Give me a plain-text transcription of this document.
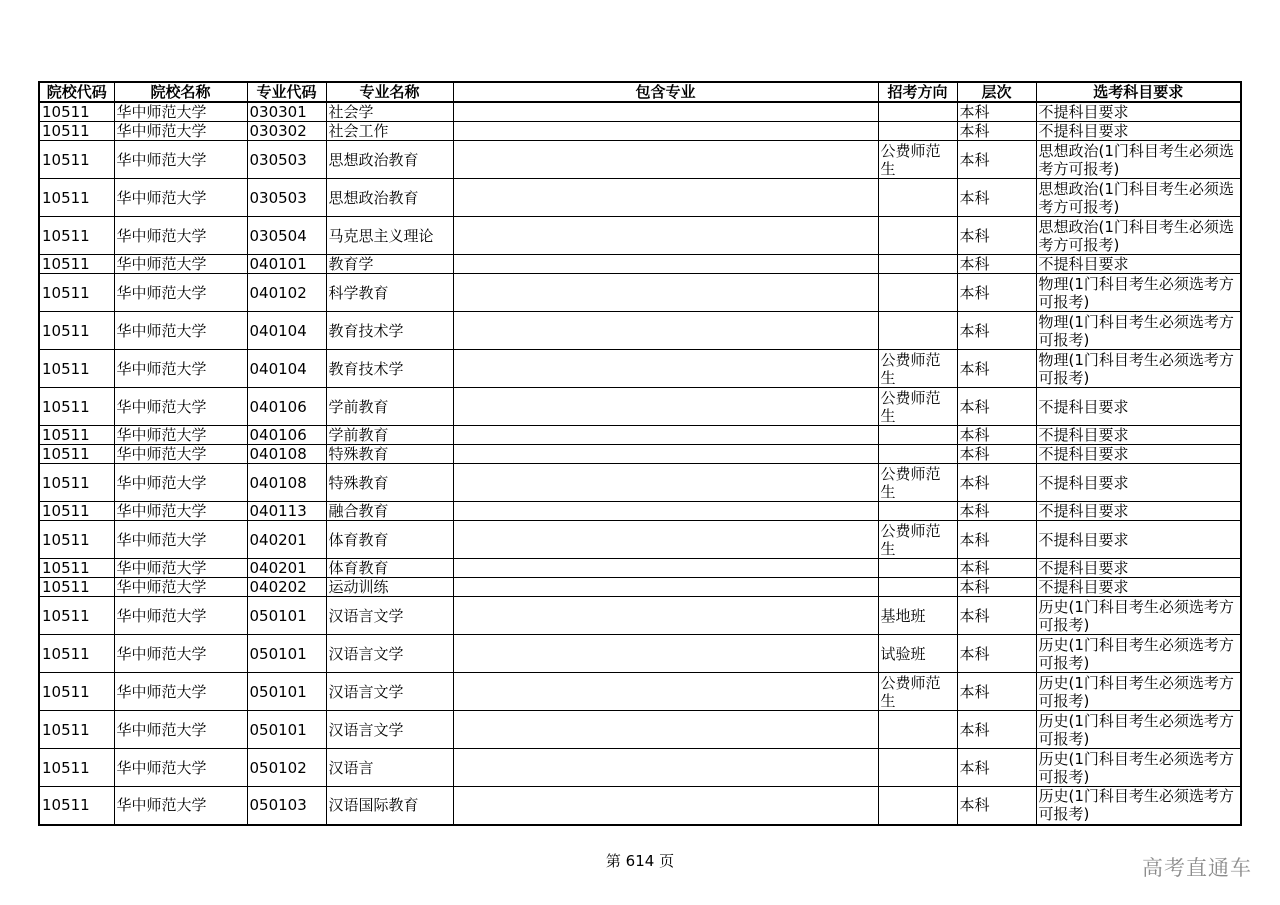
院校代码	院校名称	专业代码	专业名称	包含专业	招考方向	层次	选考科目要求
10511	华中师范大学	030301	社会学			本科	不提科目要求
10511	华中师范大学	030302	社会工作			本科	不提科目要求
10511	华中师范大学	030503	思想政治教育		公费师范生	本科	思想政治(1门科目考生必须选考方可报考)
10511	华中师范大学	030503	思想政治教育			本科	思想政治(1门科目考生必须选考方可报考)
10511	华中师范大学	030504	马克思主义理论			本科	思想政治(1门科目考生必须选考方可报考)
10511	华中师范大学	040101	教育学			本科	不提科目要求
10511	华中师范大学	040102	科学教育			本科	物理(1门科目考生必须选考方可报考)
10511	华中师范大学	040104	教育技术学			本科	物理(1门科目考生必须选考方可报考)
10511	华中师范大学	040104	教育技术学		公费师范生	本科	物理(1门科目考生必须选考方可报考)
10511	华中师范大学	040106	学前教育		公费师范生	本科	不提科目要求
10511	华中师范大学	040106	学前教育			本科	不提科目要求
10511	华中师范大学	040108	特殊教育			本科	不提科目要求
10511	华中师范大学	040108	特殊教育		公费师范生	本科	不提科目要求
10511	华中师范大学	040113	融合教育			本科	不提科目要求
10511	华中师范大学	040201	体育教育		公费师范生	本科	不提科目要求
10511	华中师范大学	040201	体育教育			本科	不提科目要求
10511	华中师范大学	040202	运动训练			本科	不提科目要求
10511	华中师范大学	050101	汉语言文学		基地班	本科	历史(1门科目考生必须选考方可报考)
10511	华中师范大学	050101	汉语言文学		试验班	本科	历史(1门科目考生必须选考方可报考)
10511	华中师范大学	050101	汉语言文学		公费师范生	本科	历史(1门科目考生必须选考方可报考)
10511	华中师范大学	050101	汉语言文学			本科	历史(1门科目考生必须选考方可报考)
10511	华中师范大学	050102	汉语言			本科	历史(1门科目考生必须选考方可报考)
10511	华中师范大学	050103	汉语国际教育			本科	历史(1门科目考生必须选考方可报考)
第 614 页	高考直通车
